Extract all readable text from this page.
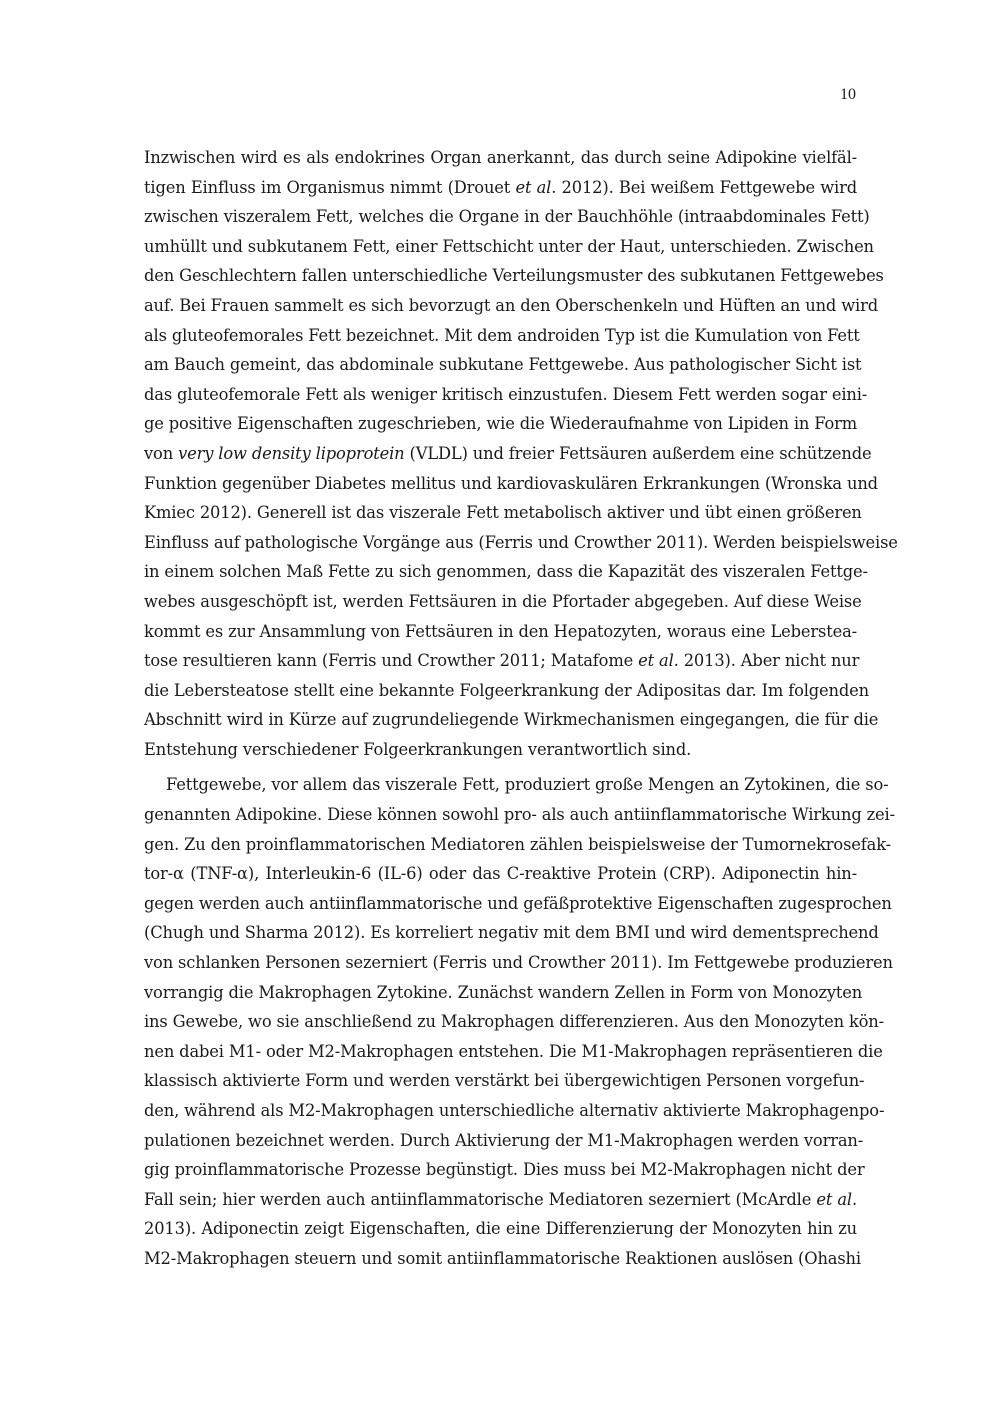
10
Inzwischen wird es als endokrines Organ anerkannt, das durch seine Adipokine vielfäl-
tigen Einfluss im Organismus nimmt (Drouet et al. 2012). Bei weißem Fettgewebe wird
zwischen viszeralem Fett, welches die Organe in der Bauchhöhle (intraabdominales Fett)
umhüllt und subkutanem Fett, einer Fettschicht unter der Haut, unterschieden. Zwischen
den Geschlechtern fallen unterschiedliche Verteilungsmuster des subkutanen Fettgewebes
auf. Bei Frauen sammelt es sich bevorzugt an den Oberschenkeln und Hüften an und wird
als gluteofemorales Fett bezeichnet. Mit dem androiden Typ ist die Kumulation von Fett
am Bauch gemeint, das abdominale subkutane Fettgewebe. Aus pathologischer Sicht ist
das gluteofemorale Fett als weniger kritisch einzustufen. Diesem Fett werden sogar eini-
ge positive Eigenschaften zugeschrieben, wie die Wiederaufnahme von Lipiden in Form
von very low density lipoprotein (VLDL) und freier Fettsäuren außerdem eine schützende
Funktion gegenüber Diabetes mellitus und kardiovaskulären Erkrankungen (Wronska und
Kmiec 2012). Generell ist das viszerale Fett metabolisch aktiver und übt einen größeren
Einfluss auf pathologische Vorgänge aus (Ferris und Crowther 2011). Werden beispielsweise
in einem solchen Maß Fette zu sich genommen, dass die Kapazität des viszeralen Fettge-
webes ausgeschöpft ist, werden Fettsäuren in die Pfortader abgegeben. Auf diese Weise
kommt es zur Ansammlung von Fettsäuren in den Hepatozyten, woraus eine Lebersteа-
tose resultieren kann (Ferris und Crowther 2011; Matafome et al. 2013). Aber nicht nur
die Lebersteatose stellt eine bekannte Folgeerkrankung der Adipositas dar. Im folgenden
Abschnitt wird in Kürze auf zugrundeliegende Wirkmechanismen eingegangen, die für die
Entstehung verschiedener Folgeerkrankungen verantwortlich sind.
Fettgewebe, vor allem das viszerale Fett, produziert große Mengen an Zytokinen, die so-
genannten Adipokine. Diese können sowohl pro- als auch antiinflammatorische Wirkung zei-
gen. Zu den proinflammatorischen Mediatoren zählen beispielsweise der Tumornekrosefak-
tor-α (TNF-α), Interleukin-6 (IL-6) oder das C-reaktive Protein (CRP). Adiponectin hin-
gegen werden auch antiinflammatorische und gefäßprotektive Eigenschaften zugesprochen
(Chugh und Sharma 2012). Es korreliert negativ mit dem BMI und wird dementsprechend
von schlanken Personen sezerniert (Ferris und Crowther 2011). Im Fettgewebe produzieren
vorrangig die Makrophagen Zytokine. Zunächst wandern Zellen in Form von Monozyten
ins Gewebe, wo sie anschließend zu Makrophagen differenzieren. Aus den Monozyten kön-
nen dabei M1- oder M2-Makrophagen entstehen. Die M1-Makrophagen repräsentieren die
klassisch aktivierte Form und werden verstärkt bei übergewichtigen Personen vorgefun-
den, während als M2-Makrophagen unterschiedliche alternativ aktivierte Makrophagenpo-
pulationen bezeichnet werden. Durch Aktivierung der M1-Makrophagen werden vorran-
gig proinflammatorische Prozesse begünstigt. Dies muss bei M2-Makrophagen nicht der
Fall sein; hier werden auch antiinflammatorische Mediatoren sezerniert (McArdle et al.
2013). Adiponectin zeigt Eigenschaften, die eine Differenzierung der Monozyten hin zu
M2-Makrophagen steuern und somit antiinflammatorische Reaktionen auslösen (Ohashi
